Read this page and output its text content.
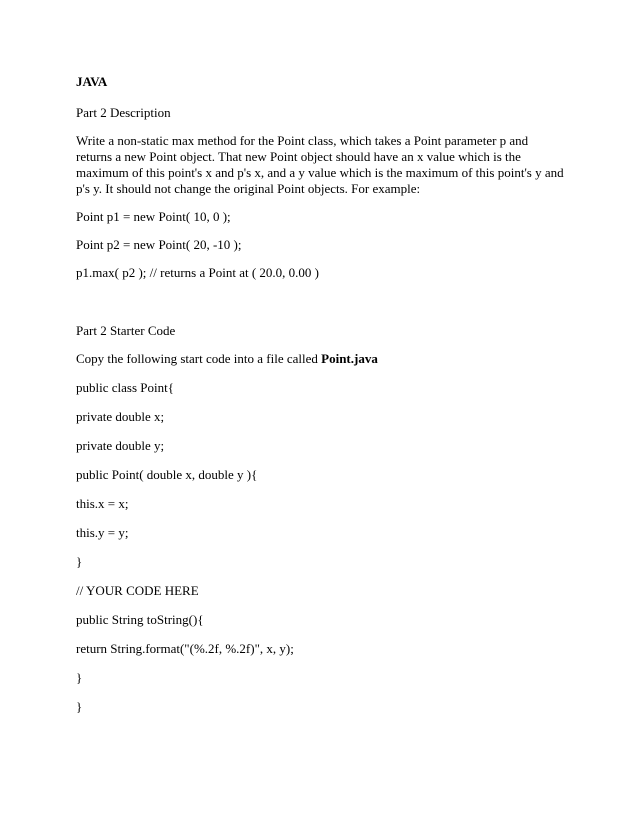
JAVA
Part 2 Description
Write a non-static max method for the Point class, which takes a Point parameter p and returns a new Point object. That new Point object should have an x value which is the maximum of this point's x and p's x, and a y value which is the maximum of this point's y and p's y. It should not change the original Point objects. For example:
Point p1 = new Point( 10, 0 );
Point p2 = new Point( 20, -10 );
p1.max( p2 ); // returns a Point at ( 20.0, 0.00 )
Part 2 Starter Code
Copy the following start code into a file called Point.java
public class Point{
private double x;
private double y;
public Point( double x, double y ){
this.x = x;
this.y = y;
}
// YOUR CODE HERE
public String toString(){
return String.format("(%.2f, %.2f)", x, y);
}
}
